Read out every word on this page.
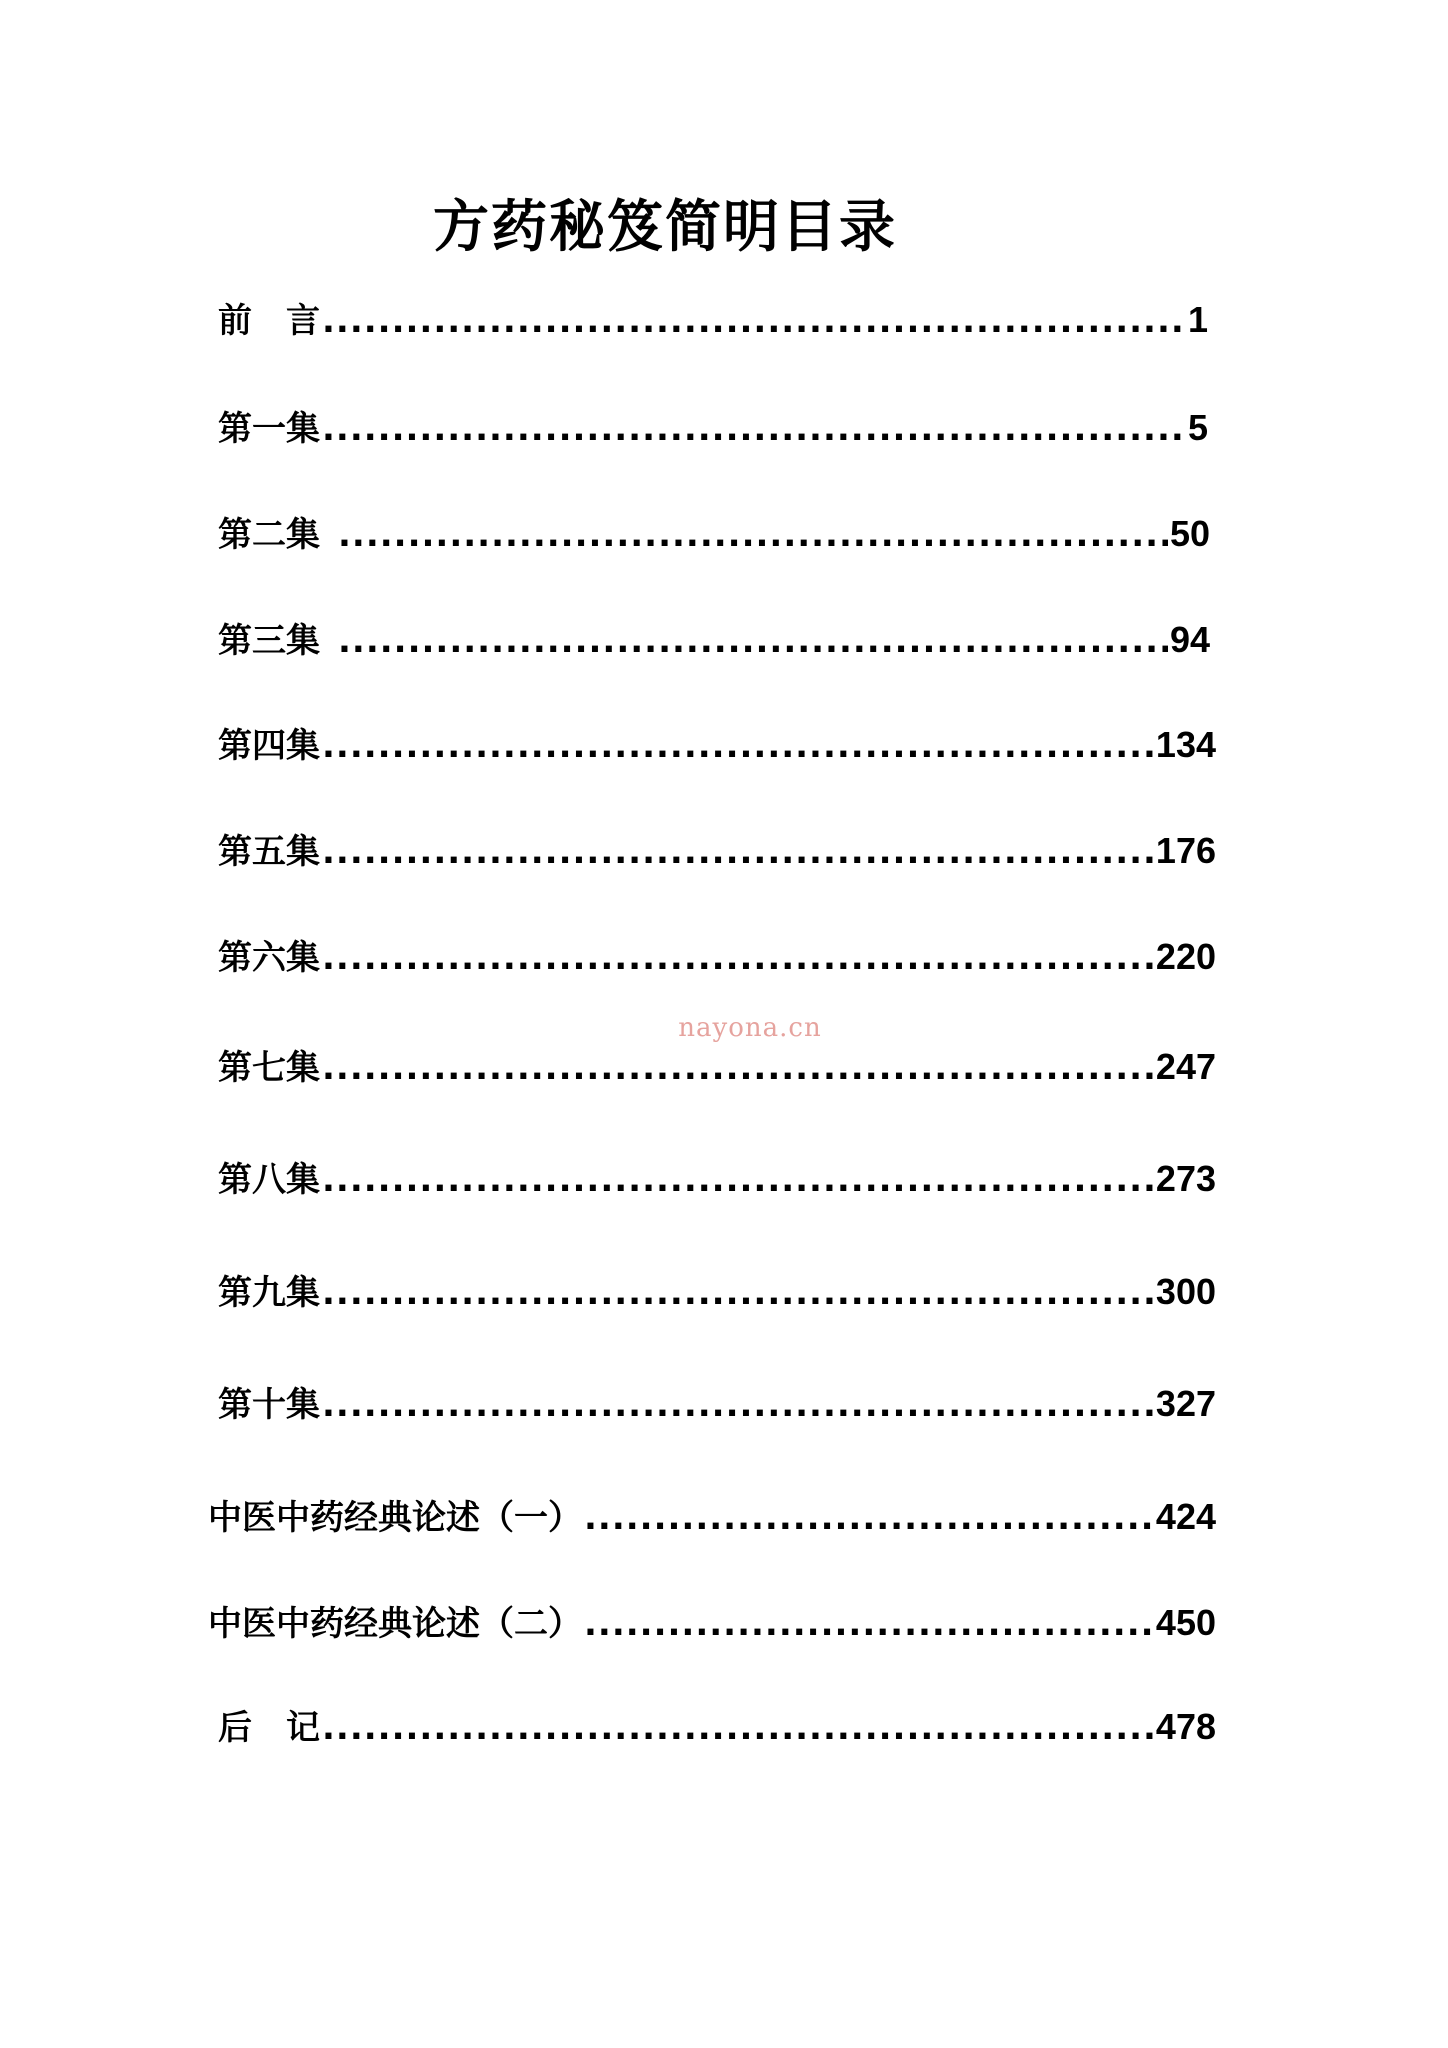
方药秘笈简明目录
前　言 .....	1
第一集 .....	5
第二集 .....	50
第三集 .....	94
第四集 .....	134
第五集 .....	176
第六集 .....	220
第七集 .....	247
第八集 .....	273
第九集 .....	300
第十集 .....	327
中医中药经典论述（一） .....	424
中医中药经典论述（二） .....	450
后　记 .....	478
nayona.cn
